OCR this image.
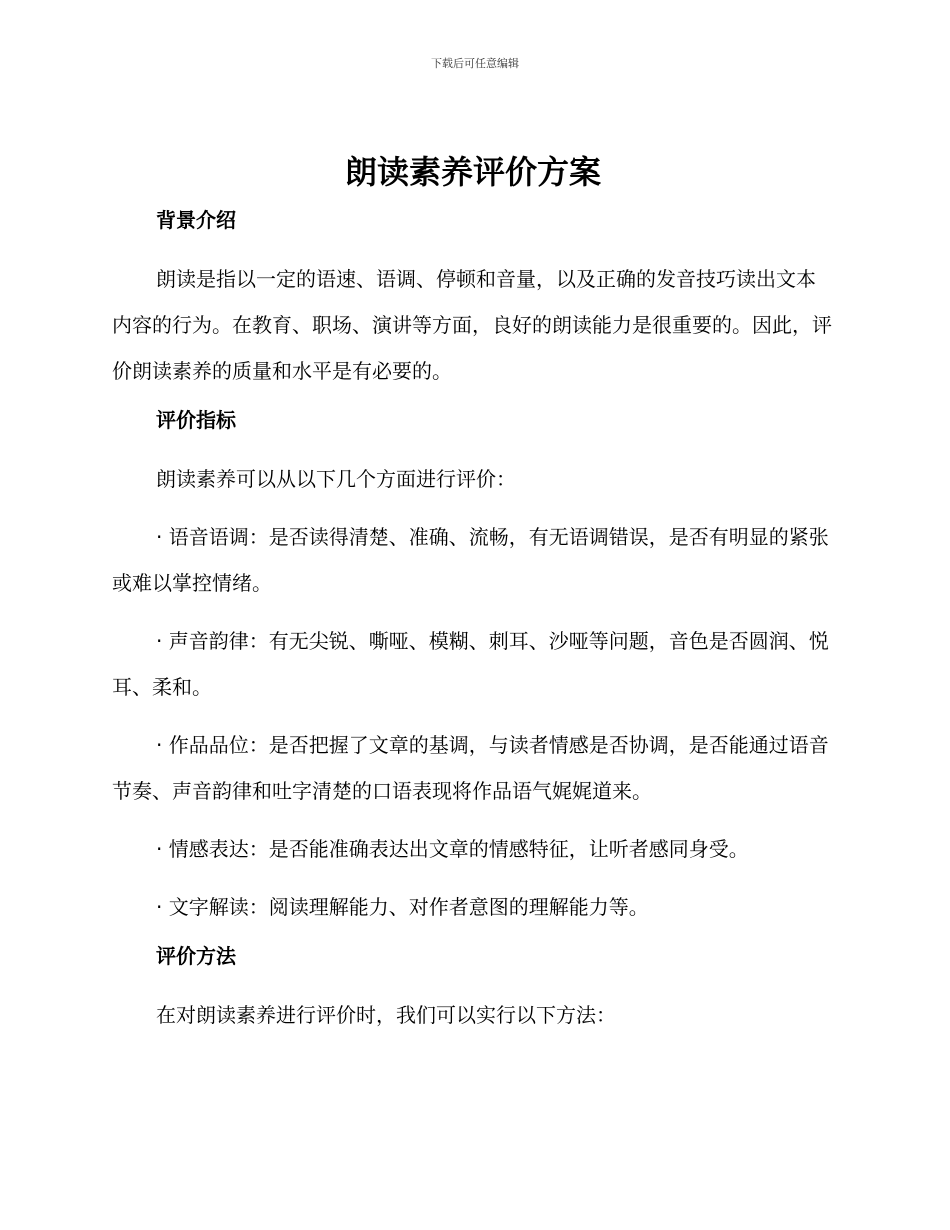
下载后可任意编辑
朗读素养评价方案
背景介绍

朗读是指以一定的语速、语调、停顿和音量，以及正确的发音技巧读出文本内容的行为。在教育、职场、演讲等方面，良好的朗读能力是很重要的。因此，评价朗读素养的质量和水平是有必要的。

评价指标

朗读素养可以从以下几个方面进行评价：

· 语音语调：是否读得清楚、准确、流畅，有无语调错误，是否有明显的紧张或难以掌控情绪。

· 声音韵律：有无尖锐、嘶哑、模糊、刺耳、沙哑等问题，音色是否圆润、悦耳、柔和。

· 作品品位：是否把握了文章的基调，与读者情感是否协调，是否能通过语音节奏、声音韵律和吐字清楚的口语表现将作品语气娓娓道来。

· 情感表达：是否能准确表达出文章的情感特征，让听者感同身受。

· 文字解读：阅读理解能力、对作者意图的理解能力等。

评价方法

在对朗读素养进行评价时，我们可以实行以下方法：
